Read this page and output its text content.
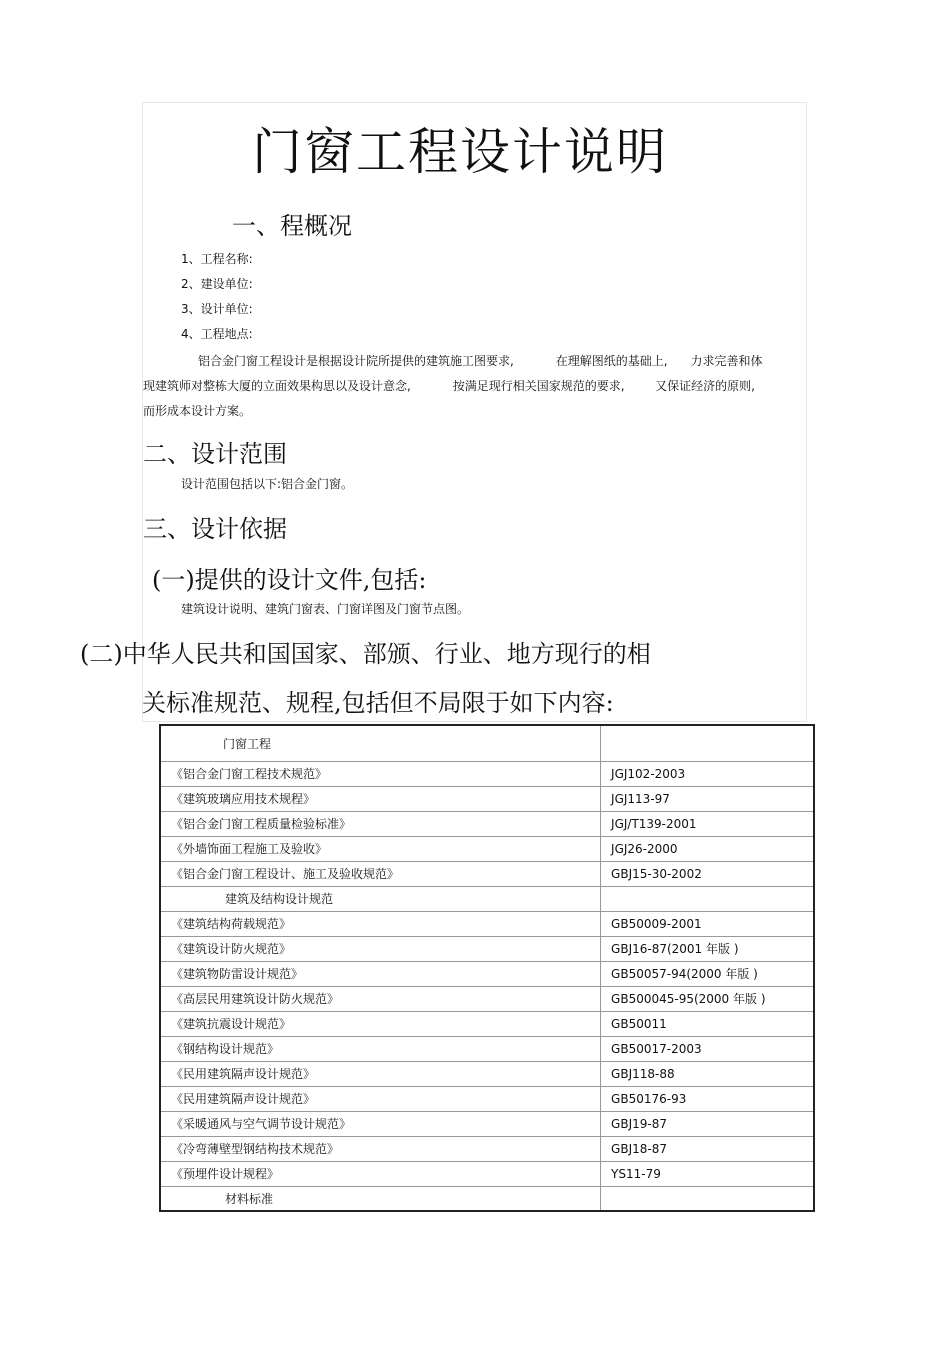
门窗工程设计说明
一、程概况
1、工程名称:
2、建设单位:
3、设计单位:
4、工程地点:
铝合金门窗工程设计是根据设计院所提供的建筑施工图要求,           在理解图纸的基础上,      力求完善和体
现建筑师对整栋大厦的立面效果构思以及设计意念,           按满足现行相关国家规范的要求,        又保证经济的原则,
而形成本设计方案。
二、设计范围
设计范围包括以下:铝合金门窗。
三、设计依据
(一)提供的设计文件,包括:
建筑设计说明、建筑门窗表、门窗详图及门窗节点图。
(二)中华人民共和国国家、部颁、行业、地方现行的相
关标准规范、规程,包括但不局限于如下内容:
门窗工程	
《铝合金门窗工程技术规范》	JGJ102-2003
《建筑玻璃应用技术规程》	JGJ113-97
《铝合金门窗工程质量检验标准》	JGJ/T139-2001
《外墙饰面工程施工及验收》	JGJ26-2000
《铝合金门窗工程设计、施工及验收规范》	GBJ15-30-2002
建筑及结构设计规范	
《建筑结构荷载规范》	GB50009-2001
《建筑设计防火规范》	GBJ16-87(2001 年版 )
《建筑物防雷设计规范》	GB50057-94(2000 年版 )
《高层民用建筑设计防火规范》	GB500045-95(2000 年版 )
《建筑抗震设计规范》	GB50011
《钢结构设计规范》	GB50017-2003
《民用建筑隔声设计规范》	GBJ118-88
《民用建筑隔声设计规范》	GB50176-93
《采暖通风与空气调节设计规范》	GBJ19-87
《冷弯薄壁型钢结构技术规范》	GBJ18-87
《预埋件设计规程》	YS11-79
材料标准	
